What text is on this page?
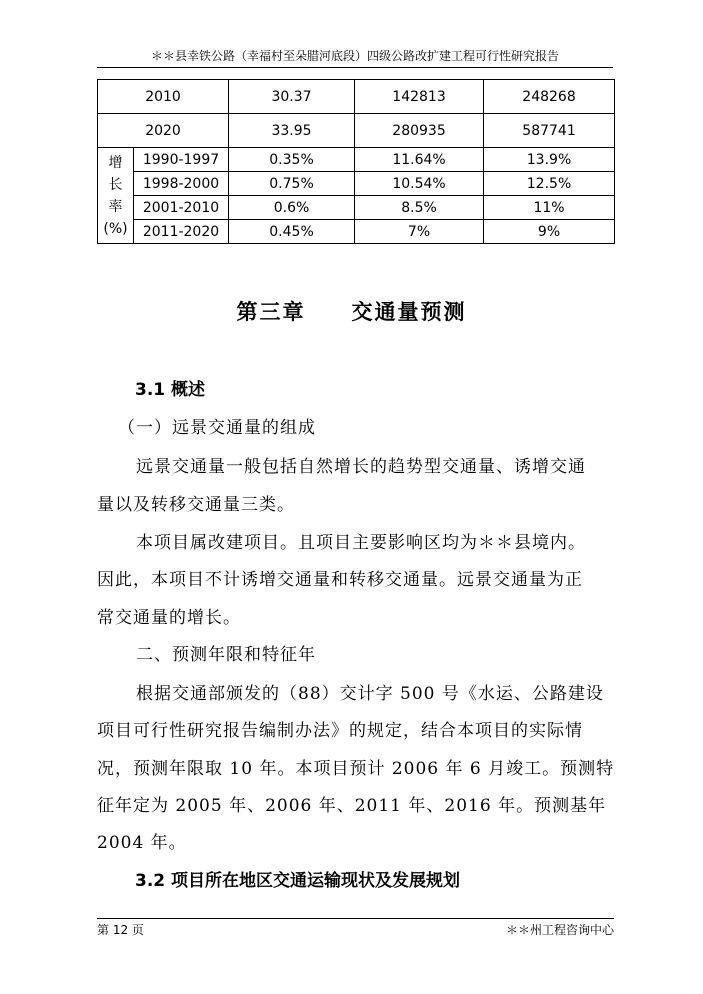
＊＊县幸铁公路（幸福村至朵腊河底段）四级公路改扩建工程可行性研究报告
2010		30.37	142813	248268
2020		33.95	280935	587741

增
长
率
(%)	1990-1997	0.35%	11.64%	13.9%
	1998-2000	0.75%	10.54%	12.5%
	2001-2010	0.6%	8.5%	11%
	2011-2020	0.45%	7%	9%
第三章　　交通量预测
3.1 概述
（一）远景交通量的组成
远景交通量一般包括自然增长的趋势型交通量、诱增交通
量以及转移交通量三类。
本项目属改建项目。且项目主要影响区均为＊＊县境内。
因此，本项目不计诱增交通量和转移交通量。远景交通量为正
常交通量的增长。
二、预测年限和特征年
根据交通部颁发的（88）交计字 500 号《水运、公路建设
项目可行性研究报告编制办法》的规定，结合本项目的实际情
况，预测年限取 10 年。本项目预计 2006 年 6 月竣工。预测特
征年定为 2005 年、2006 年、2011 年、2016 年。预测基年
2004 年。
3.2 项目所在地区交通运输现状及发展规划
第 12 页	＊＊州工程咨询中心
